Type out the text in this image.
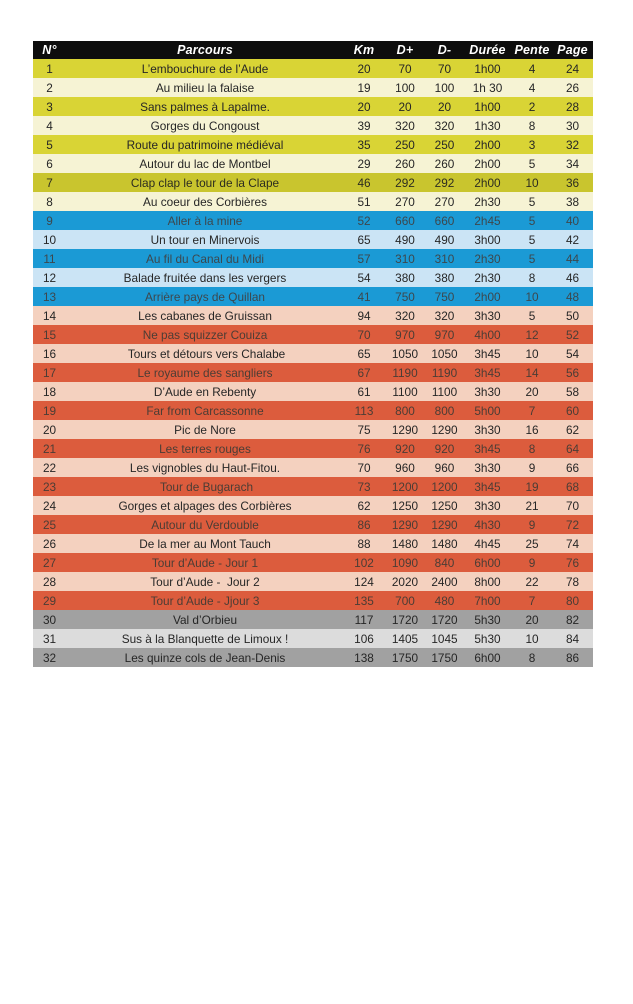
N°	Parcours	Km	D+	D-	Durée	Pente	Page
1	L’embouchure de l’Aude	20	70	70	1h00	4	24
2	Au milieu la falaise	19	100	100	1h 30	4	26
3	Sans palmes à Lapalme.	20	20	20	1h00	2	28
4	Gorges du Congoust	39	320	320	1h30	8	30
5	Route du patrimoine médiéval	35	250	250	2h00	3	32
6	Autour du lac de Montbel	29	260	260	2h00	5	34
7	Clap clap le tour de la Clape	46	292	292	2h00	10	36
8	Au coeur des Corbières	51	270	270	2h30	5	38
9	Aller à la mine	52	660	660	2h45	5	40
10	Un tour en Minervois	65	490	490	3h00	5	42
11	Au fil du Canal du Midi	57	310	310	2h30	5	44
12	Balade fruitée dans les vergers	54	380	380	2h30	8	46
13	Arrière pays de Quillan	41	750	750	2h00	10	48
14	Les cabanes de Gruissan	94	320	320	3h30	5	50
15	Ne pas squizzer Couiza	70	970	970	4h00	12	52
16	Tours et détours vers Chalabe	65	1050	1050	3h45	10	54
17	Le royaume des sangliers	67	1190	1190	3h45	14	56
18	D’Aude en Rebenty	61	1100	1100	3h30	20	58
19	Far from Carcassonne	113	800	800	5h00	7	60
20	Pic de Nore	75	1290	1290	3h30	16	62
21	Les terres rouges	76	920	920	3h45	8	64
22	Les vignobles du Haut-Fitou.	70	960	960	3h30	9	66
23	Tour de Bugarach	73	1200	1200	3h45	19	68
24	Gorges et alpages des Corbières	62	1250	1250	3h30	21	70
25	Autour du Verdouble	86	1290	1290	4h30	9	72
26	De la mer au Mont Tauch	88	1480	1480	4h45	25	74
27	Tour d’Aude - Jour 1	102	1090	840	6h00	9	76
28	Tour d’Aude -  Jour 2	124	2020	2400	8h00	22	78
29	Tour d’Aude - Jjour 3	135	700	480	7h00	7	80
30	Val d’Orbieu	117	1720	1720	5h30	20	82
31	Sus à la Blanquette de Limoux !	106	1405	1045	5h30	10	84
32	Les quinze cols de Jean-Denis	138	1750	1750	6h00	8	86
